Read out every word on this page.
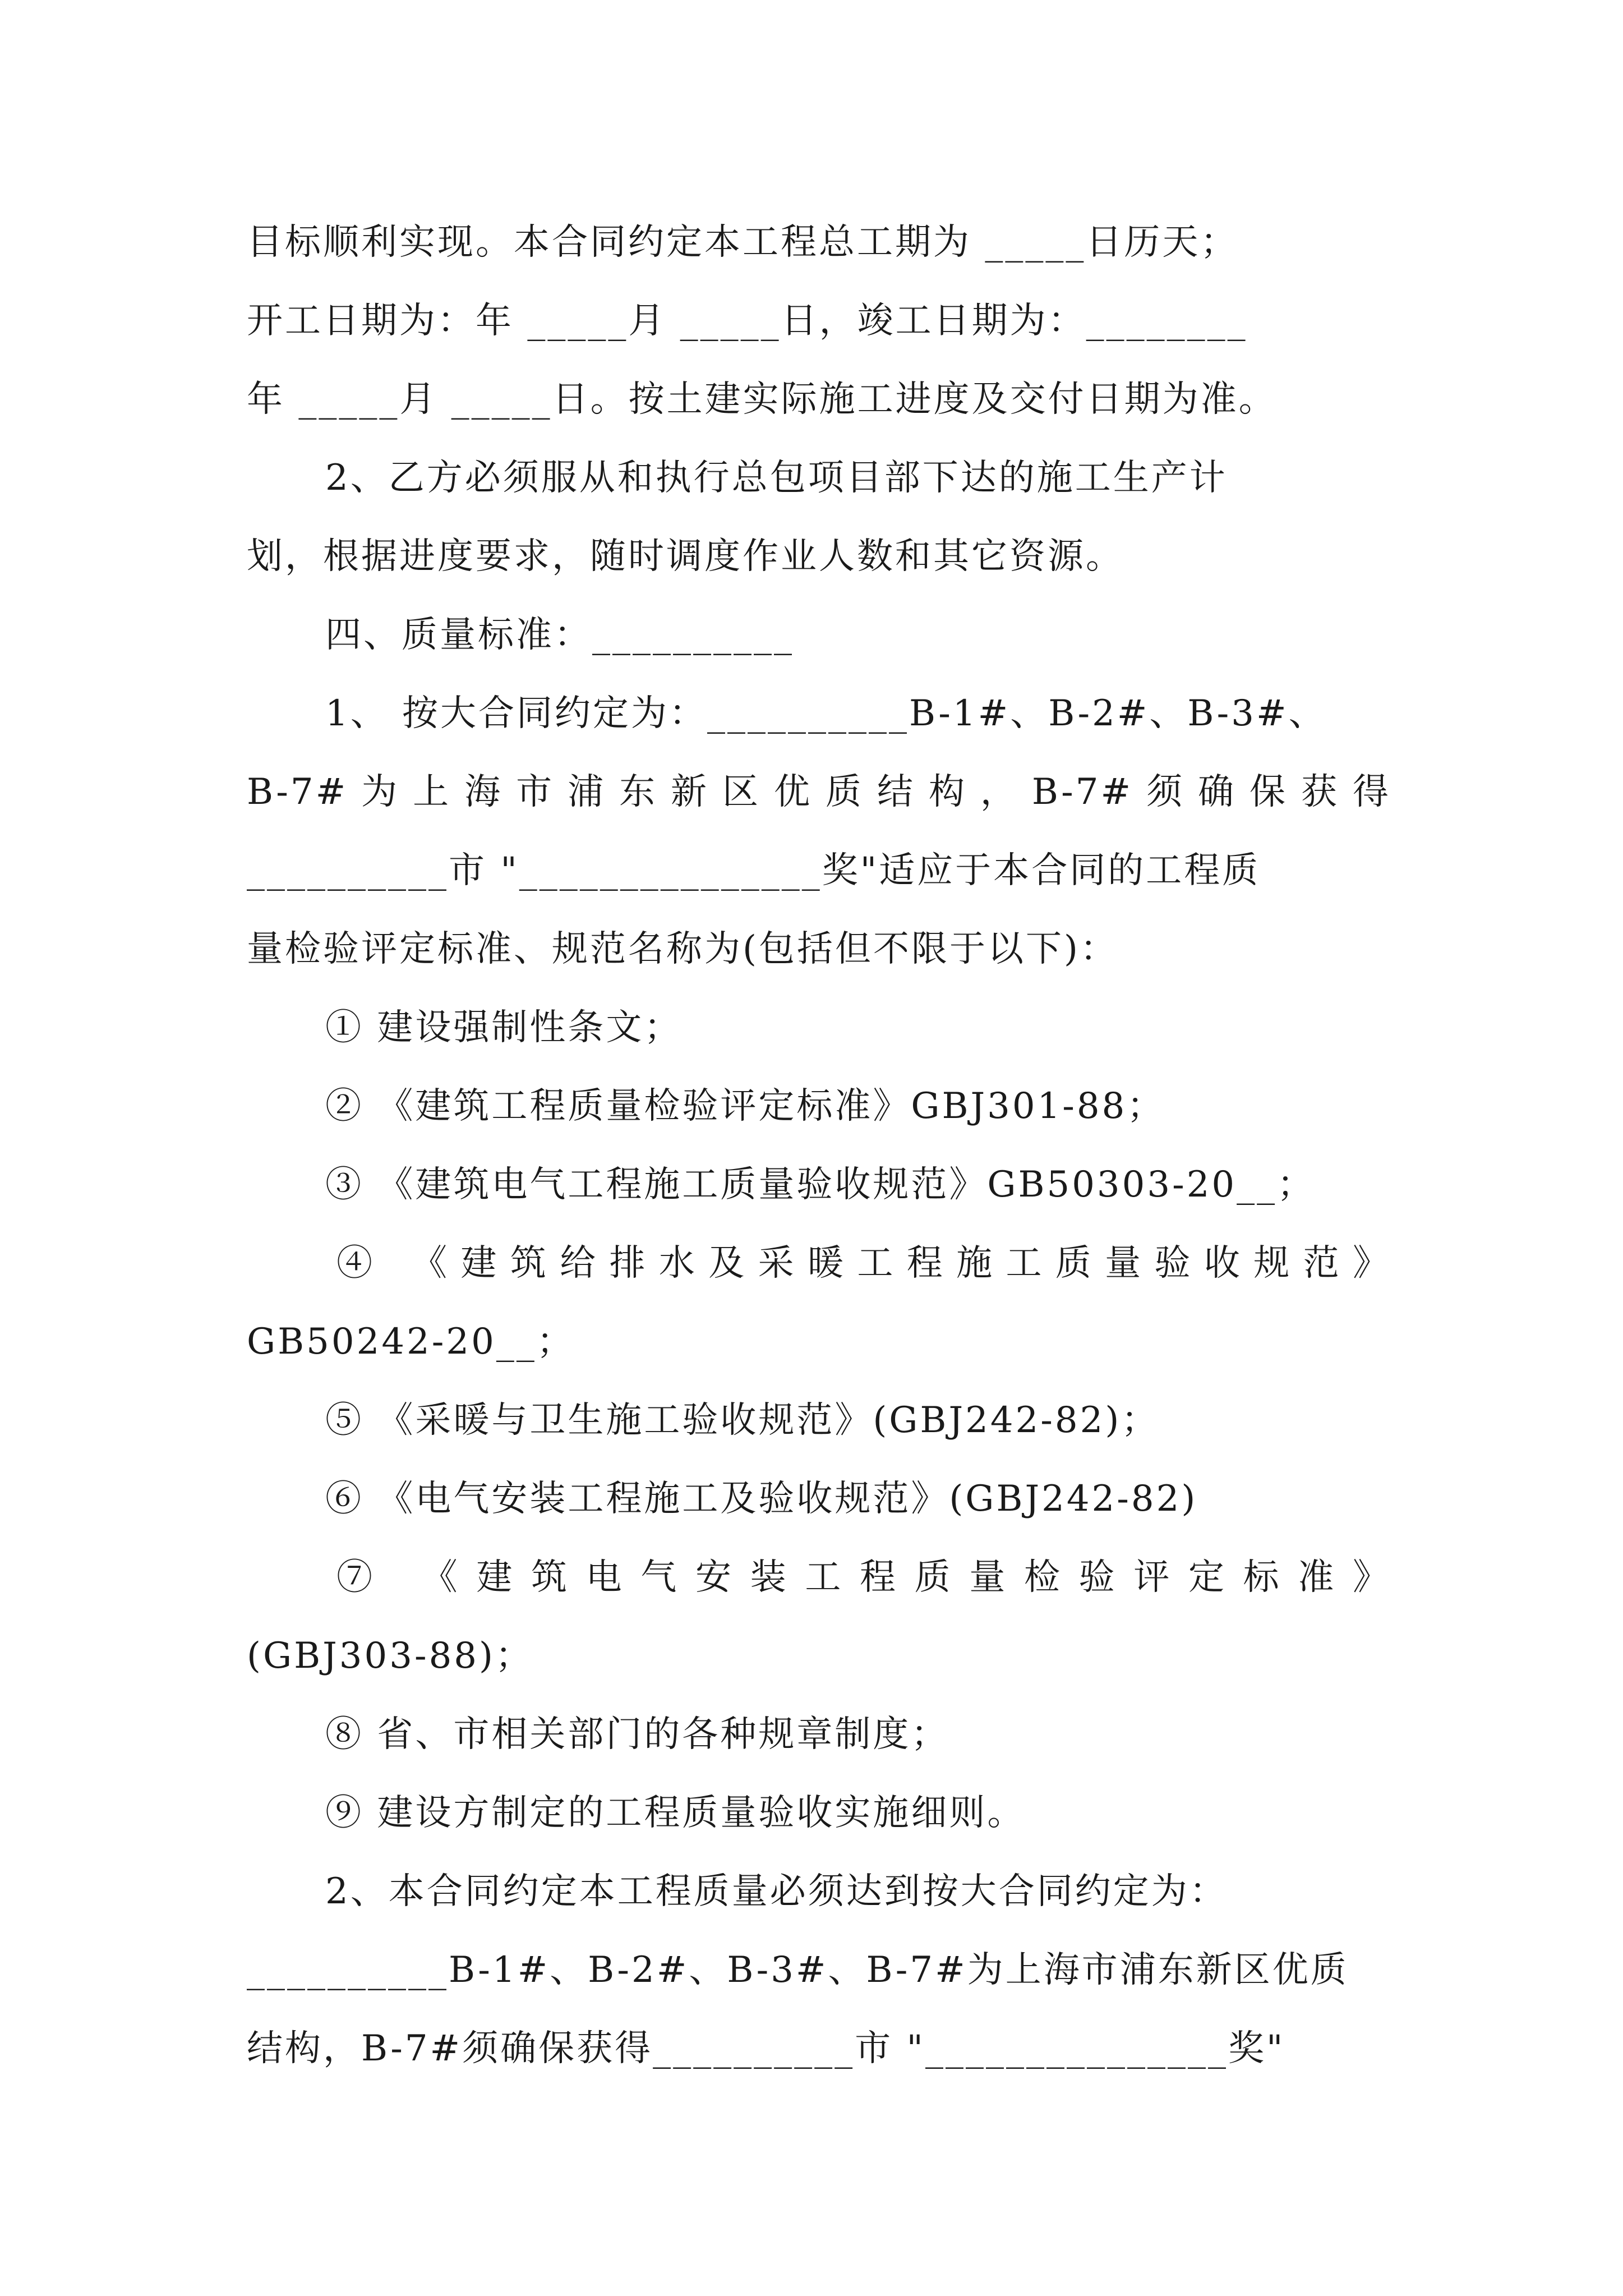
目标顺利实现。本合同约定本工程总工期为 _____日历天；
开工日期为：年 _____月 _____日，竣工日期为：________
年 _____月 _____日。按土建实际施工进度及交付日期为准。
2、乙方必须服从和执行总包项目部下达的施工生产计
划，根据进度要求，随时调度作业人数和其它资源。
四、质量标准：__________
1、 按大合同约定为：__________B-1#、B-2#、B-3#、
B-7#为上海市浦东新区优质结构，B-7#须确保获得
__________市 "_______________奖"适应于本合同的工程质
量检验评定标准、规范名称为(包括但不限于以下)：
① 建设强制性条文；
② 《建筑工程质量检验评定标准》GBJ301-88；
③ 《建筑电气工程施工质量验收规范》GB50303-20__；
④ 《建筑给排水及采暖工程施工质量验收规范》
GB50242-20__；
⑤ 《采暖与卫生施工验收规范》(GBJ242-82)；
⑥ 《电气安装工程施工及验收规范》(GBJ242-82)
⑦ 《建筑电气安装工程质量检验评定标准》
(GBJ303-88)；
⑧ 省、市相关部门的各种规章制度；
⑨ 建设方制定的工程质量验收实施细则。
2、本合同约定本工程质量必须达到按大合同约定为：
__________B-1#、B-2#、B-3#、B-7#为上海市浦东新区优质
结构，B-7#须确保获得__________市 "_______________奖"
